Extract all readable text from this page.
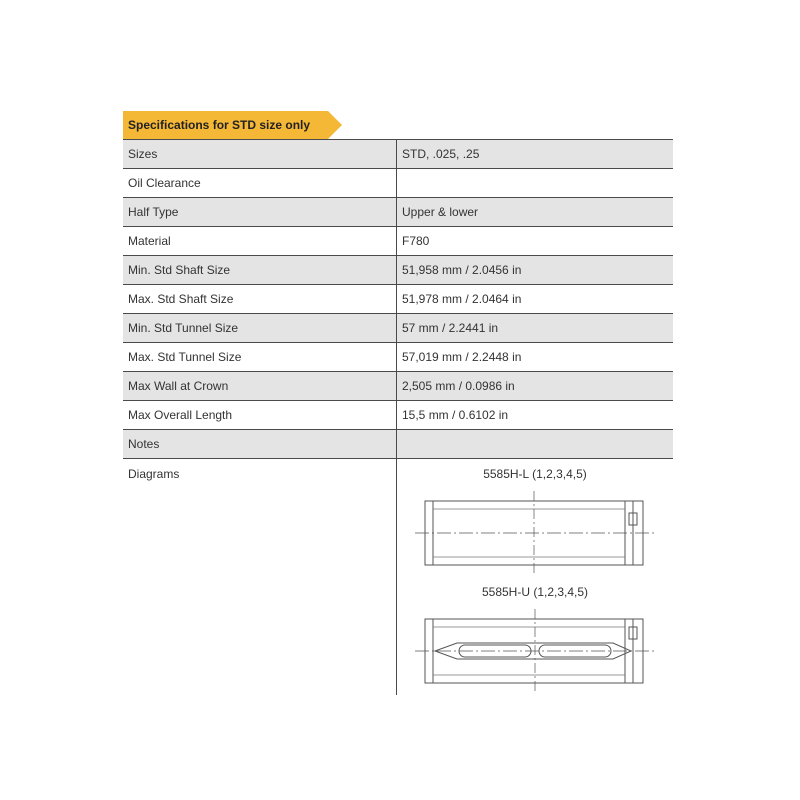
Specifications for STD size only
Sizes	STD, .025, .25
Oil Clearance	
Half Type	Upper & lower
Material	F780
Min. Std Shaft Size	51,958 mm / 2.0456 in
Max. Std Shaft Size	51,978 mm / 2.0464 in
Min. Std Tunnel Size	57 mm / 2.2441 in
Max. Std Tunnel Size	57,019 mm / 2.2448 in
Max Wall at Crown	2,505 mm / 0.0986 in
Max Overall Length	15,5 mm / 0.6102 in
Notes	
Diagrams	5585H-L (1,2,3,4,5)
5585H-U (1,2,3,4,5)
